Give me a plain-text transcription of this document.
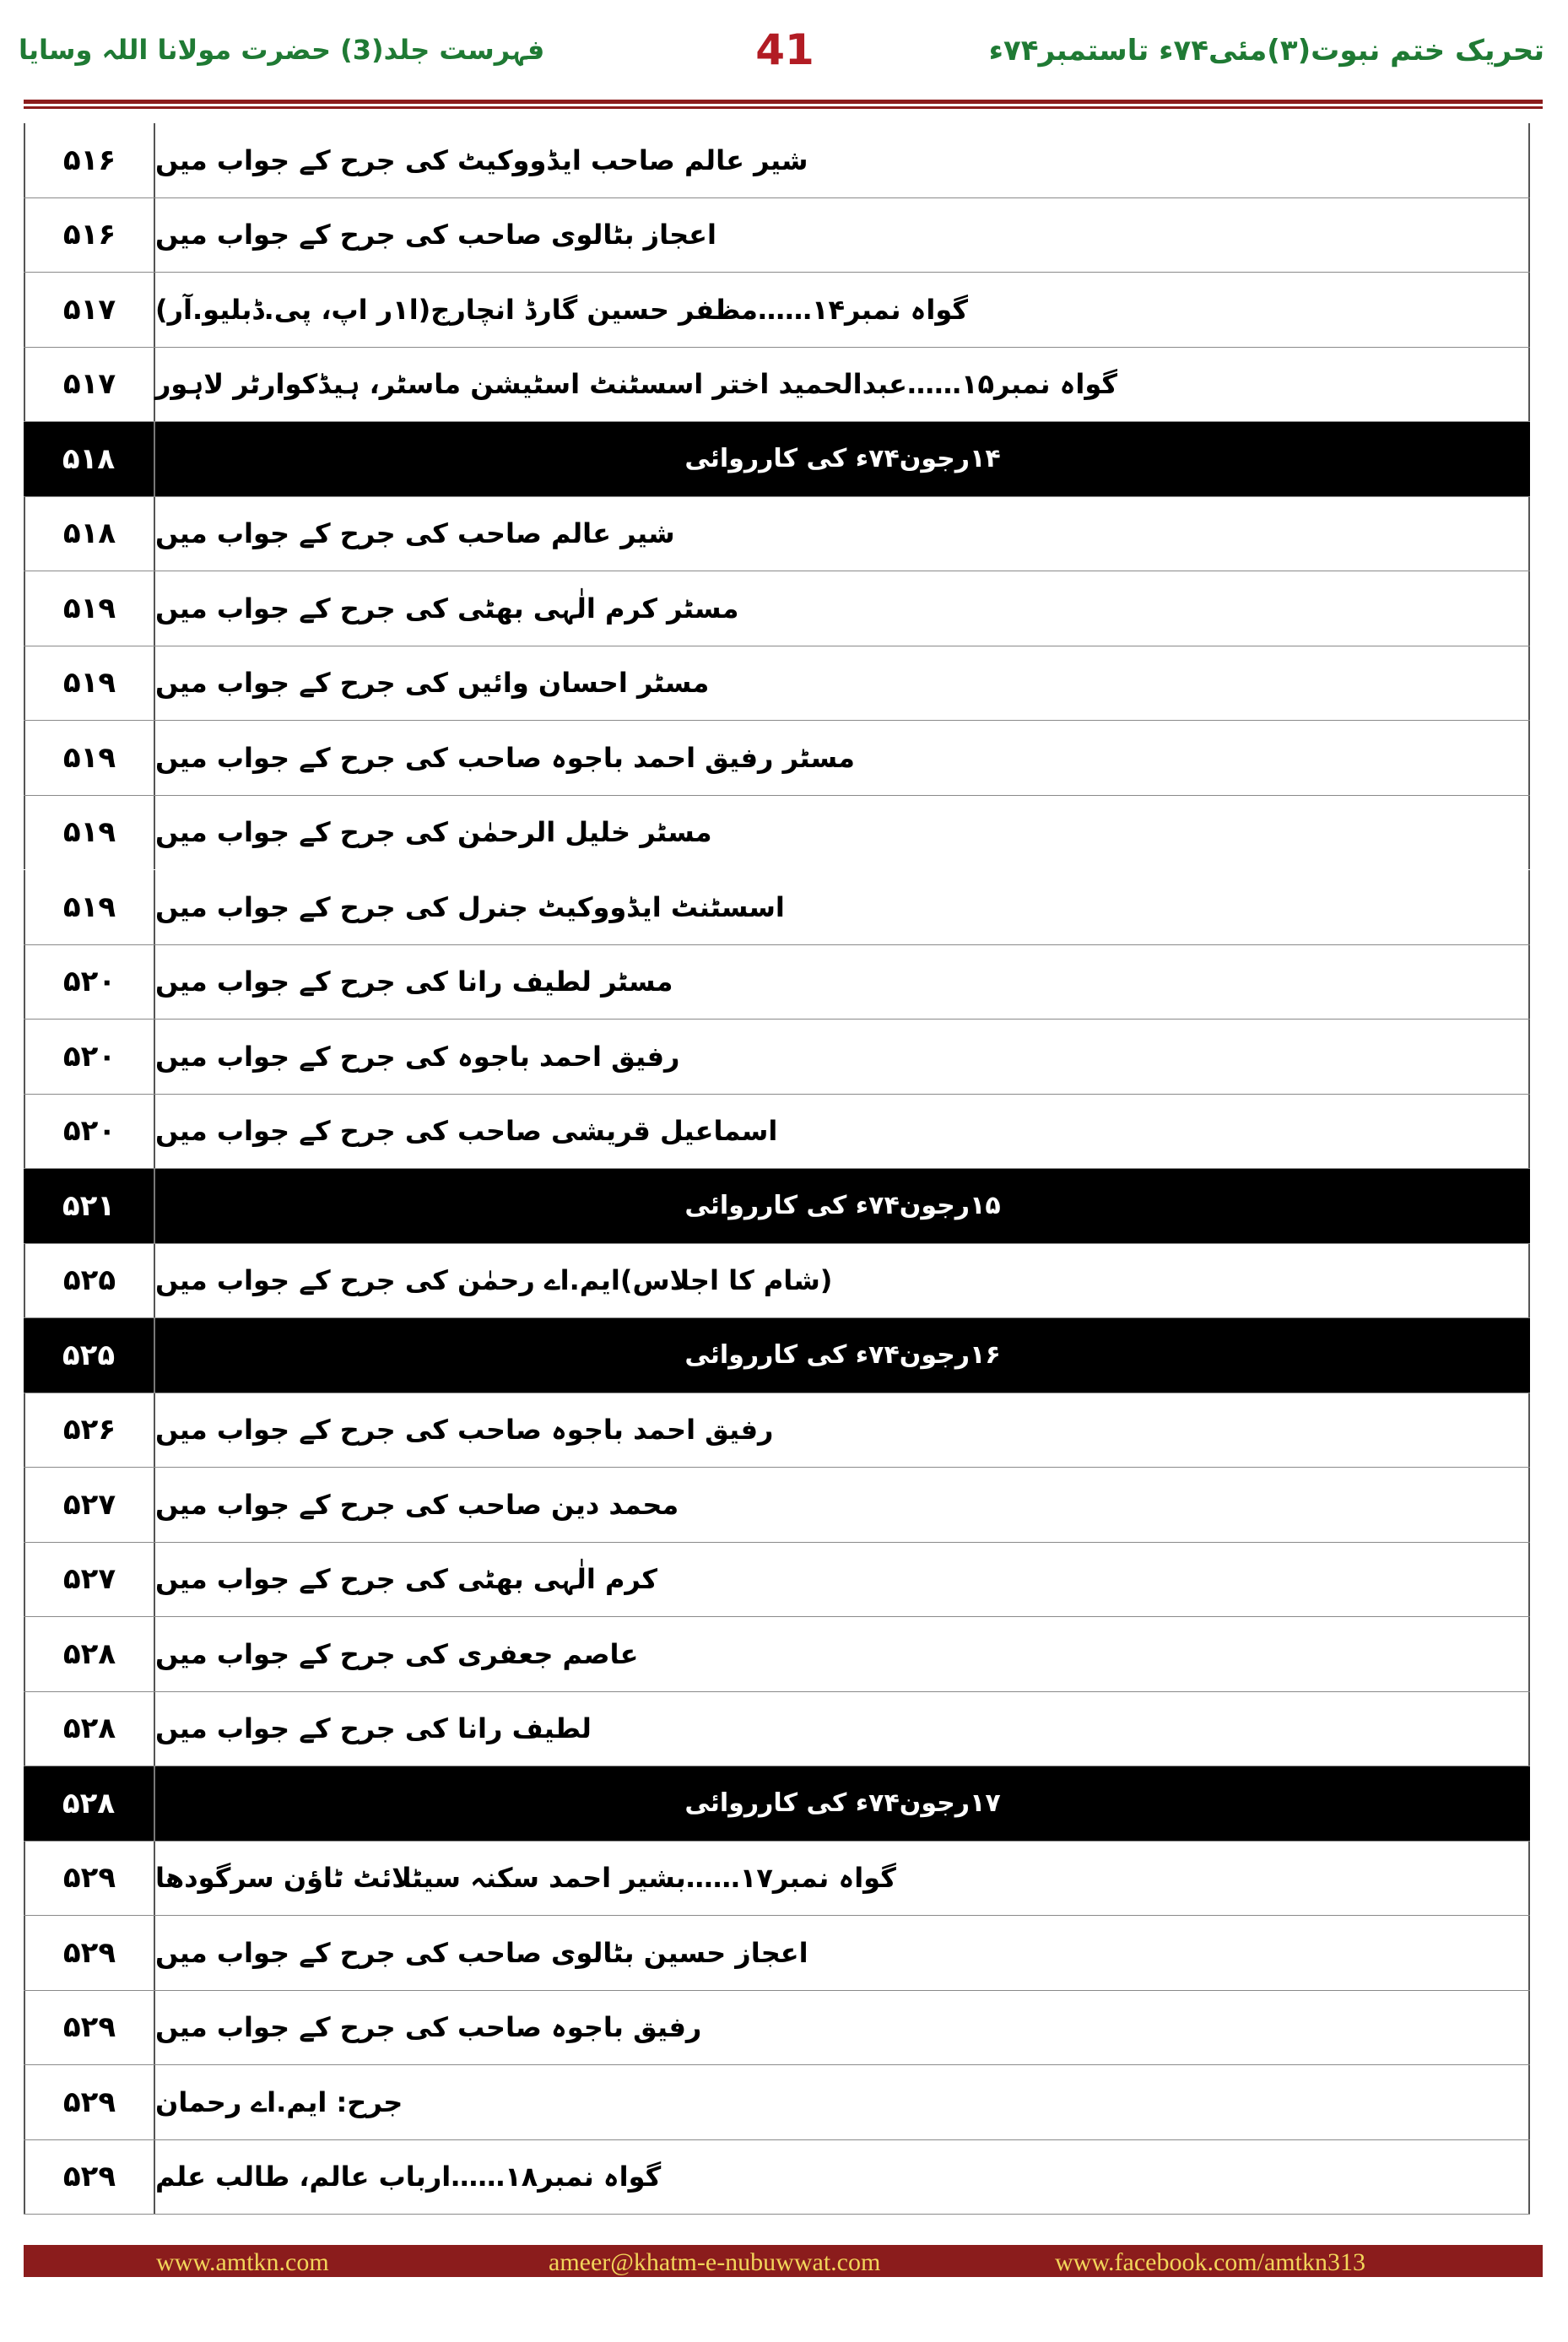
فہرست جلد(3) حضرت مولانا اللہ وسایا	41	تحریک ختم نبوت(۳)مئی۷۴ء تاستمبر۷۴ء
۵۱۶	شیر عالم صاحب ایڈووکیٹ کی جرح کے جواب میں
۵۱۶	اعجاز بٹالوی صاحب کی جرح کے جواب میں
۵۱۷	گواہ نمبر۱۴……مظفر حسین گارڈ انچارج(ا۱ر اپ، پی.ڈبلیو.آر)
۵۱۷	گواہ نمبر۱۵……عبدالحمید اختر اسسٹنٹ اسٹیشن ماسٹر، ہیڈکوارٹر لاہور
۵۱۸	۱۴رجون۷۴ء کی کارروائی
۵۱۸	شیر عالم صاحب کی جرح کے جواب میں
۵۱۹	مسٹر کرم الٰہی بھٹی کی جرح کے جواب میں
۵۱۹	مسٹر احسان وائیں کی جرح کے جواب میں
۵۱۹	مسٹر رفیق احمد باجوہ صاحب کی جرح کے جواب میں
۵۱۹	مسٹر خلیل الرحمٰن کی جرح کے جواب میں
۵۱۹	اسسٹنٹ ایڈووکیٹ جنرل کی جرح کے جواب میں
۵۲۰	مسٹر لطیف رانا کی جرح کے جواب میں
۵۲۰	رفیق احمد باجوہ کی جرح کے جواب میں
۵۲۰	اسماعیل قریشی صاحب کی جرح کے جواب میں
۵۲۱	۱۵رجون۷۴ء کی کارروائی
۵۲۵	(شام کا اجلاس)ایم.اے رحمٰن کی جرح کے جواب میں
۵۲۵	۱۶رجون۷۴ء کی کارروائی
۵۲۶	رفیق احمد باجوہ صاحب کی جرح کے جواب میں
۵۲۷	محمد دین صاحب کی جرح کے جواب میں
۵۲۷	کرم الٰہی بھٹی کی جرح کے جواب میں
۵۲۸	عاصم جعفری کی جرح کے جواب میں
۵۲۸	لطیف رانا کی جرح کے جواب میں
۵۲۸	۱۷رجون۷۴ء کی کارروائی
۵۲۹	گواہ نمبر۱۷……بشیر احمد سکنہ سیٹلائٹ ٹاؤن سرگودھا
۵۲۹	اعجاز حسین بٹالوی صاحب کی جرح کے جواب میں
۵۲۹	رفیق باجوہ صاحب کی جرح کے جواب میں
۵۲۹	جرح: ایم.اے رحمان
۵۲۹	گواہ نمبر۱۸……ارباب عالم، طالب علم
www.amtkn.com	ameer@khatm-e-nubuwwat.com	www.facebook.com/amtkn313
